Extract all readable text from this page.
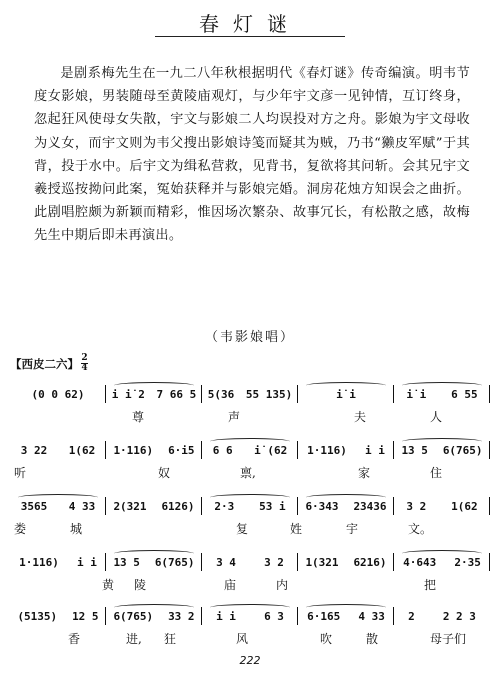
春灯谜
是剧系梅先生在一九二八年秋根据明代《春灯谜》传奇编演。明韦节度女影娘，男装随母至黄陵庙观灯，与少年宇文彦一见钟情，互订终身，忽起狂风使母女失散，宇文与影娘二人均误投对方之舟。影娘为宇文母收为义女，而宇文则为韦父搜出影娘诗笺而疑其为贼，乃书“獭皮军赋”于其背，投于水中。后宇文为缉私营救，见背书，复欲将其问斩。会其兄宇文羲授巡按拗问此案，冤始获释并与影娘完婚。洞房花烛方知误会之曲折。此剧唱腔颇为新颖而精彩，惟因场次繁杂、故事冗长，有松散之感，故梅先生中期后即未再演出。
（韦影娘唱）
【西皮二六】 $\frac{2}{4}$
(0 0 62) i i̇ 2 7 66 5 5(36 55 135)	i̇ i	i̇ i 6 55
尊	声	夫	人
3 22 1(62 1·116) 6·i5 6 6 i̇ (62 1·116) i i 13 5 6(765)
听	奴	禀,	家	住
3565 4 33 2(321 6126) 2·3 53 i 6·343 23436 3 2 1(62
娄	城	复	姓	宇	文。
1·116) i i 13 5 6(765) 3 4	3 2 1(321 6216) 4·643 2·35
黄 陵	庙	内	把
(5135) 12 5 6(765) 33 2 i i	6 3 6·165 4 33 2	2 2 3
香	进, 狂	风	吹	散	母子们
222
